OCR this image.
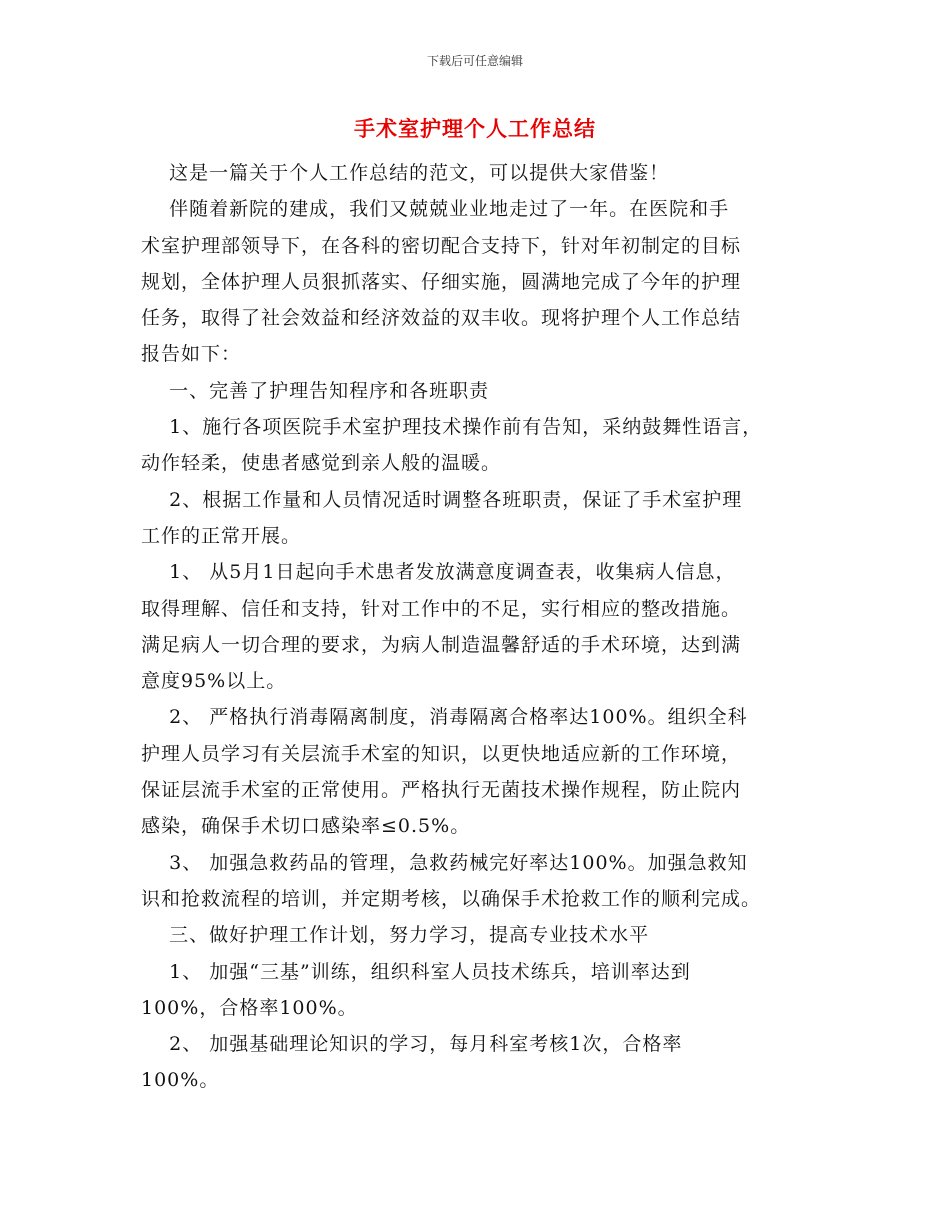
下载后可任意编辑
手术室护理个人工作总结

这是一篇关于个人工作总结的范文，可以提供大家借鉴！

伴随着新院的建成，我们又兢兢业业地走过了一年。在医院和手

术室护理部领导下，在各科的密切配合支持下，针对年初制定的目标

规划，全体护理人员狠抓落实、仔细实施，圆满地完成了今年的护理

任务，取得了社会效益和经济效益的双丰收。现将护理个人工作总结

报告如下：

一、完善了护理告知程序和各班职责

1、施行各项医院手术室护理技术操作前有告知，采纳鼓舞性语言，

动作轻柔，使患者感觉到亲人般的温暖。

2、根据工作量和人员情况适时调整各班职责，保证了手术室护理

工作的正常开展。

1、 从5月1日起向手术患者发放满意度调查表，收集病人信息，

取得理解、信任和支持，针对工作中的不足，实行相应的整改措施。

满足病人一切合理的要求，为病人制造温馨舒适的手术环境，达到满

意度95%以上。

2、 严格执行消毒隔离制度，消毒隔离合格率达100%。组织全科

护理人员学习有关层流手术室的知识，以更快地适应新的工作环境，

保证层流手术室的正常使用。严格执行无菌技术操作规程，防止院内

感染，确保手术切口感染率≤0.5%。

3、 加强急救药品的管理，急救药械完好率达100%。加强急救知

识和抢救流程的培训，并定期考核，以确保手术抢救工作的顺利完成。

三、做好护理工作计划，努力学习，提高专业技术水平

1、 加强“三基”训练，组织科室人员技术练兵，培训率达到

100%，合格率100%。

2、 加强基础理论知识的学习，每月科室考核1次，合格率

100%。
